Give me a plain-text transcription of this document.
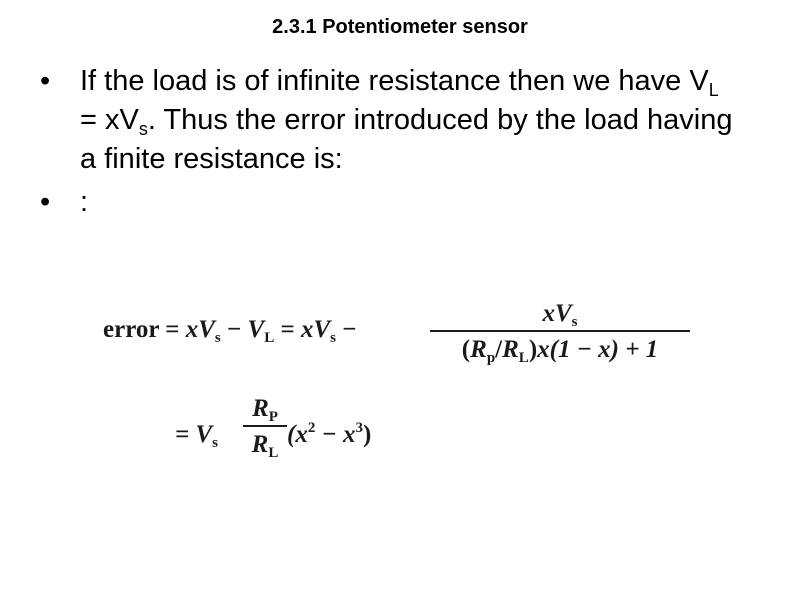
2.3.1 Potentiometer sensor
• If the load is of infinite resistance then we have $V_L = xV_s$. Thus the error introduced by the load having a finite resistance is:
• :
error = $xV_s - V_L = xV_s$ −
$xV_s$
$(R_p/R_L)x(1 - x) + 1$
= $V_s$
$R_P$
$R_L$
$(x^2 - x^3)$
